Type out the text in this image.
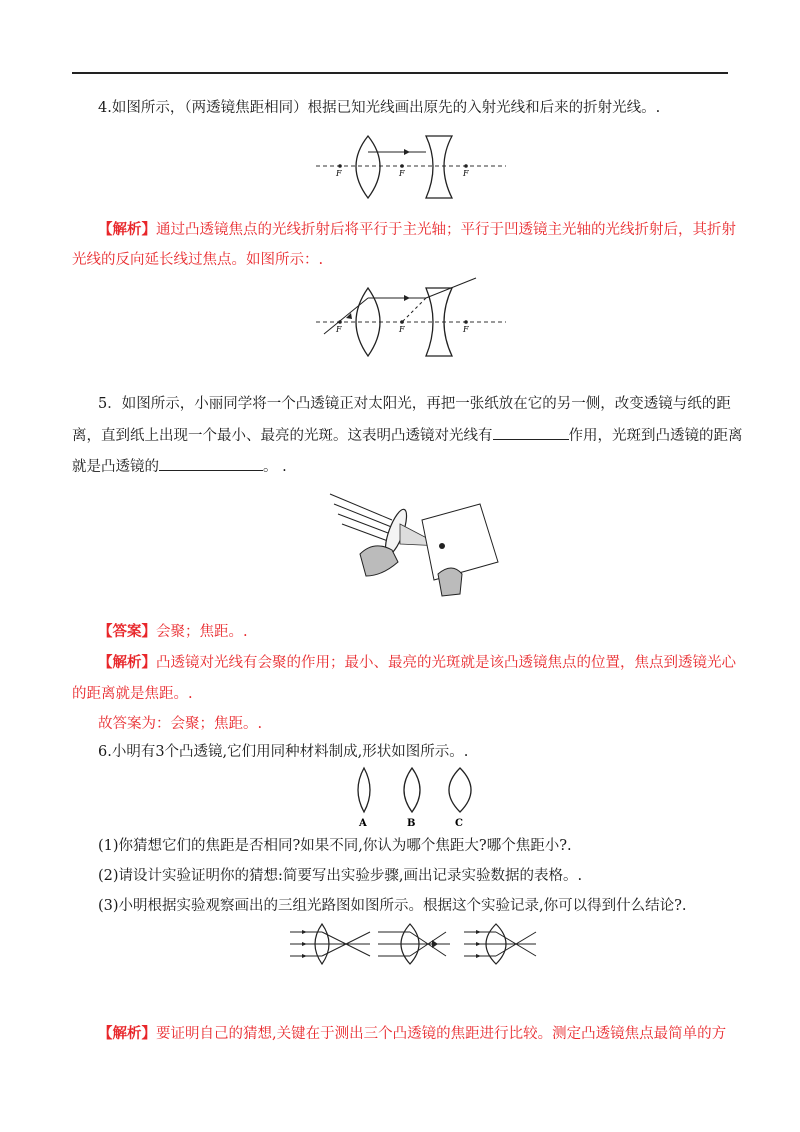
4.如图所示，（两透镜焦距相同）根据已知光线画出原先的入射光线和后来的折射光线。.
F	F	F
【解析】通过凸透镜焦点的光线折射后将平行于主光轴；平行于凹透镜主光轴的光线折射后，其折射
光线的反向延长线过焦点。如图所示：.
F	F	F
5．如图所示，小丽同学将一个凸透镜正对太阳光，再把一张纸放在它的另一侧，改变透镜与纸的距
离，直到纸上出现一个最小、最亮的光斑。这表明凸透镜对光线有	作用，光斑到凸透镜的距离
就是凸透镜的	。 .
【答案】会聚；焦距。.
【解析】凸透镜对光线有会聚的作用；最小、最亮的光斑就是该凸透镜焦点的位置，焦点到透镜光心
的距离就是焦距。.
故答案为：会聚；焦距。.
6.小明有3个凸透镜,它们用同种材料制成,形状如图所示。.
A	B	C
(1)你猜想它们的焦距是否相同?如果不同,你认为哪个焦距大?哪个焦距小?.
(2)请设计实验证明你的猜想:简要写出实验步骤,画出记录实验数据的表格。.
(3)小明根据实验观察画出的三组光路图如图所示。根据这个实验记录,你可以得到什么结论?.
【解析】要证明自己的猜想,关键在于测出三个凸透镜的焦距进行比较。测定凸透镜焦点最简单的方
